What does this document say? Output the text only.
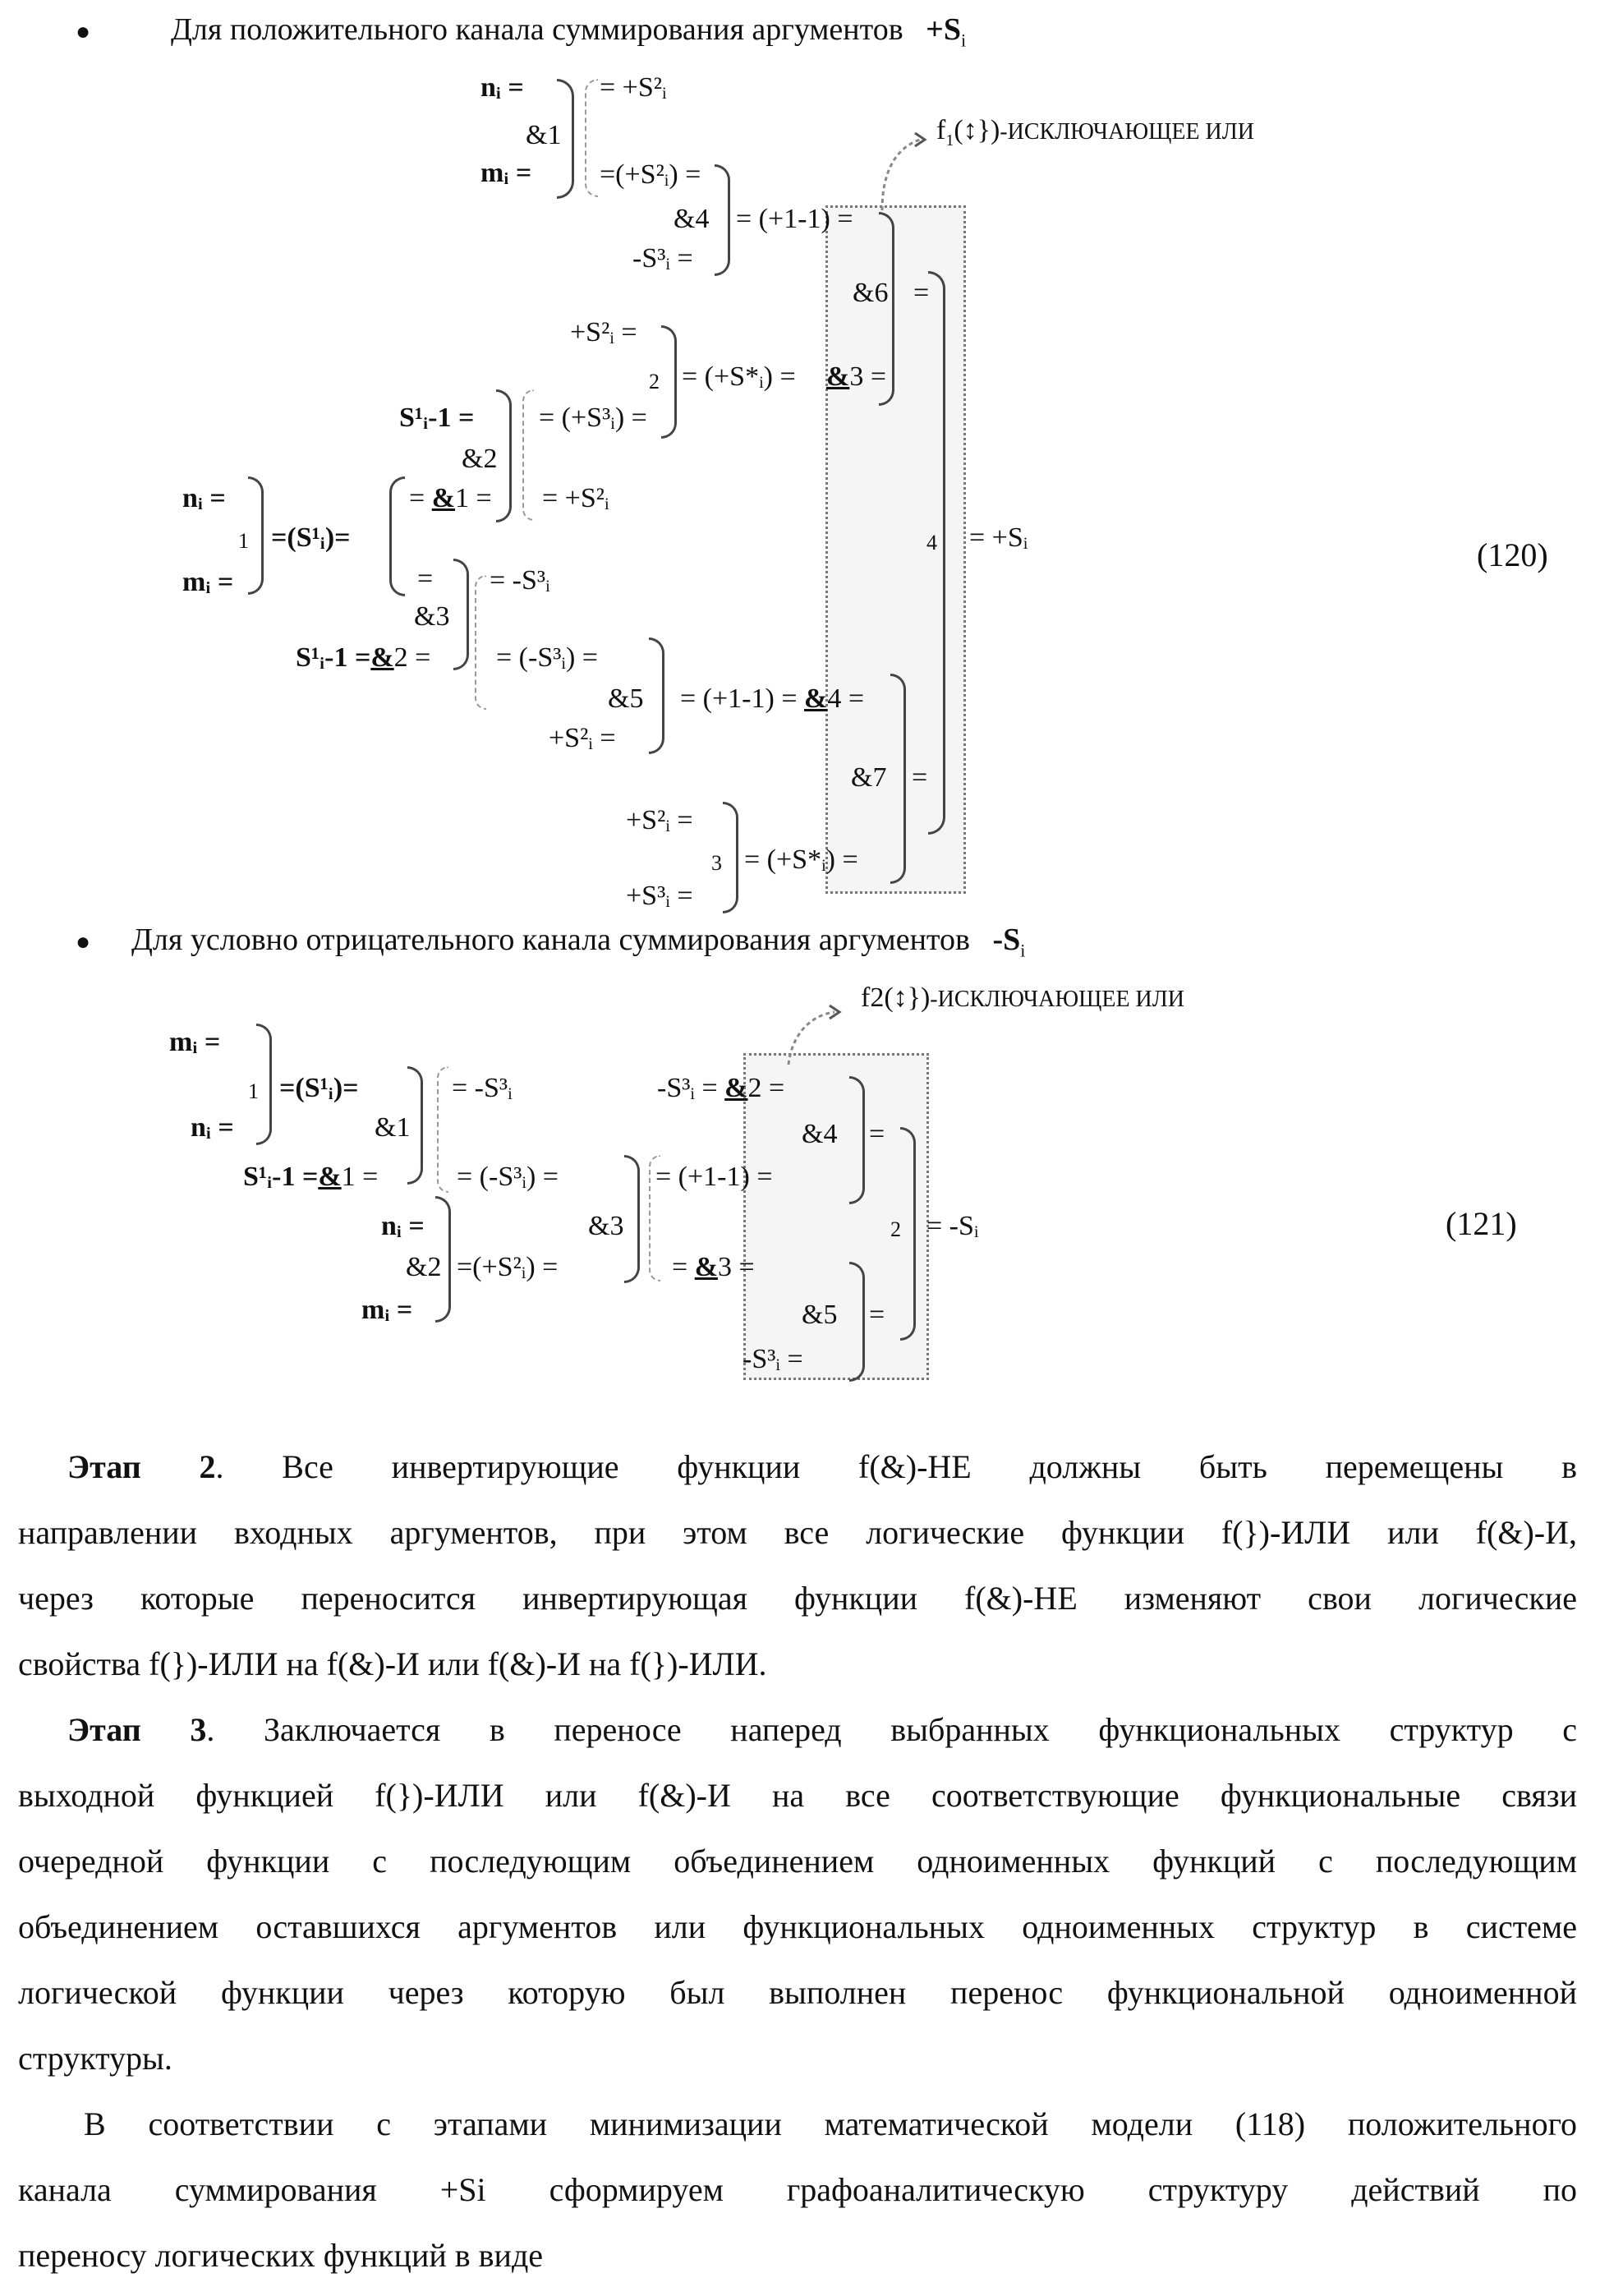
●	Для положительного канала суммирования аргументов +Si
nᵢ =
mᵢ =
&1
= +S²ᵢ
=(+S²ᵢ) =
&4
-S³ᵢ =
= (+1-1) =
f1(↕})-ИСКЛЮЧАЮЩЕЕ ИЛИ
&6 =
+S²ᵢ =
2 = (+S*ᵢ) = &3 =
S¹ᵢ-1 =
&2
= (+S³ᵢ) =
= +S²ᵢ
nᵢ =
mᵢ =
1 =(S¹ᵢ)=
= &1 =
4 = +Sᵢ	(120)
=
&3
= -S³ᵢ
S¹ᵢ-1 =&2 = = (-S³ᵢ) =
&5
+S²ᵢ =
= (+1-1) = &4 =
&7 =
+S²ᵢ =
3 = (+S*ᵢ) =
+S³ᵢ =
● Для условно отрицательного канала суммирования аргументов -Si
f2(↕})-ИСКЛЮЧАЮЩЕЕ ИЛИ
mᵢ =
1 =(S¹ᵢ)=
nᵢ =	&1
= -S³ᵢ
S¹ᵢ-1 =&1 =	= (-S³ᵢ) =
nᵢ =
&2 =(+S²ᵢ) =
mᵢ =
&3
= (+1-1) =
= &3 =
-S³ᵢ = &2 =
&4 =
2 = -Sᵢ	(121)
&5 =
-S³ᵢ =
Этап 2. Все инвертирующие функции f(&)-НЕ должны быть перемещены в
направлении входных аргументов, при этом все логические функции f(})-ИЛИ или f(&)-И,
через которые переносится инвертирующая функции f(&)-НЕ изменяют свои логические
свойства f(})-ИЛИ на f(&)-И или f(&)-И на f(})-ИЛИ.
Этап 3. Заключается в переносе наперед выбранных функциональных структур с
выходной функцией f(})-ИЛИ или f(&)-И на все соответствующие функциональные связи
очередной функции с последующим объединением одноименных функций с последующим
объединением оставшихся аргументов или функциональных одноименных структур в системе
логической функции через которую был выполнен перенос функциональной одноименной
структуры.
В соответствии с этапами минимизации математической модели (118) положительного
канала суммирования +Si сформируем графоаналитическую структуру действий по
переносу логических функций в виде
